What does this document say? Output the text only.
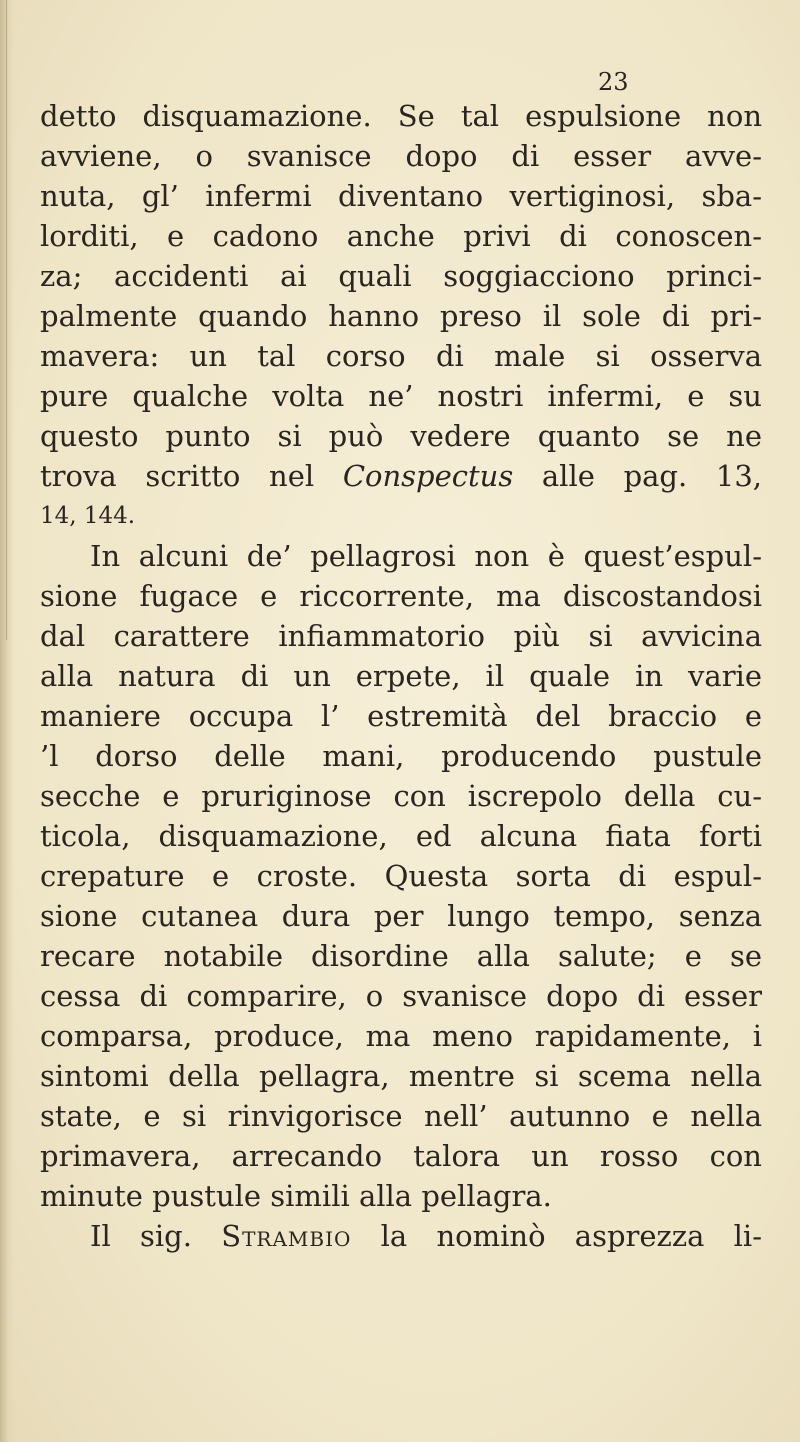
23
detto disquamazione. Se tal espulsione non
avviene, o svanisce dopo di esser avve-
nuta, gl’ infermi diventano vertiginosi, sba-
lorditi, e cadono anche privi di conoscen-
za; accidenti ai quali soggiacciono princi-
palmente quando hanno preso il sole di pri-
mavera: un tal corso di male si osserva
pure qualche volta ne’ nostri infermi, e su
questo punto si può vedere quanto se ne
trova scritto nel Conspectus alle pag. 13,
14, 144.
In alcuni de’ pellagrosi non è quest’espul-
sione fugace e riccorrente, ma discostandosi
dal carattere infiammatorio più si avvicina
alla natura di un erpete, il quale in varie
maniere occupa l’ estremità del braccio e
’l dorso delle mani, producendo pustule
secche e pruriginose con iscrepolo della cu-
ticola, disquamazione, ed alcuna fiata forti
crepature e croste. Questa sorta di espul-
sione cutanea dura per lungo tempo, senza
recare notabile disordine alla salute; e se
cessa di comparire, o svanisce dopo di esser
comparsa, produce, ma meno rapidamente, i
sintomi della pellagra, mentre si scema nella
state, e si rinvigorisce nell’ autunno e nella
primavera, arrecando talora un rosso con
minute pustule simili alla pellagra.
Il sig. Strambio la nominò asprezza li-
